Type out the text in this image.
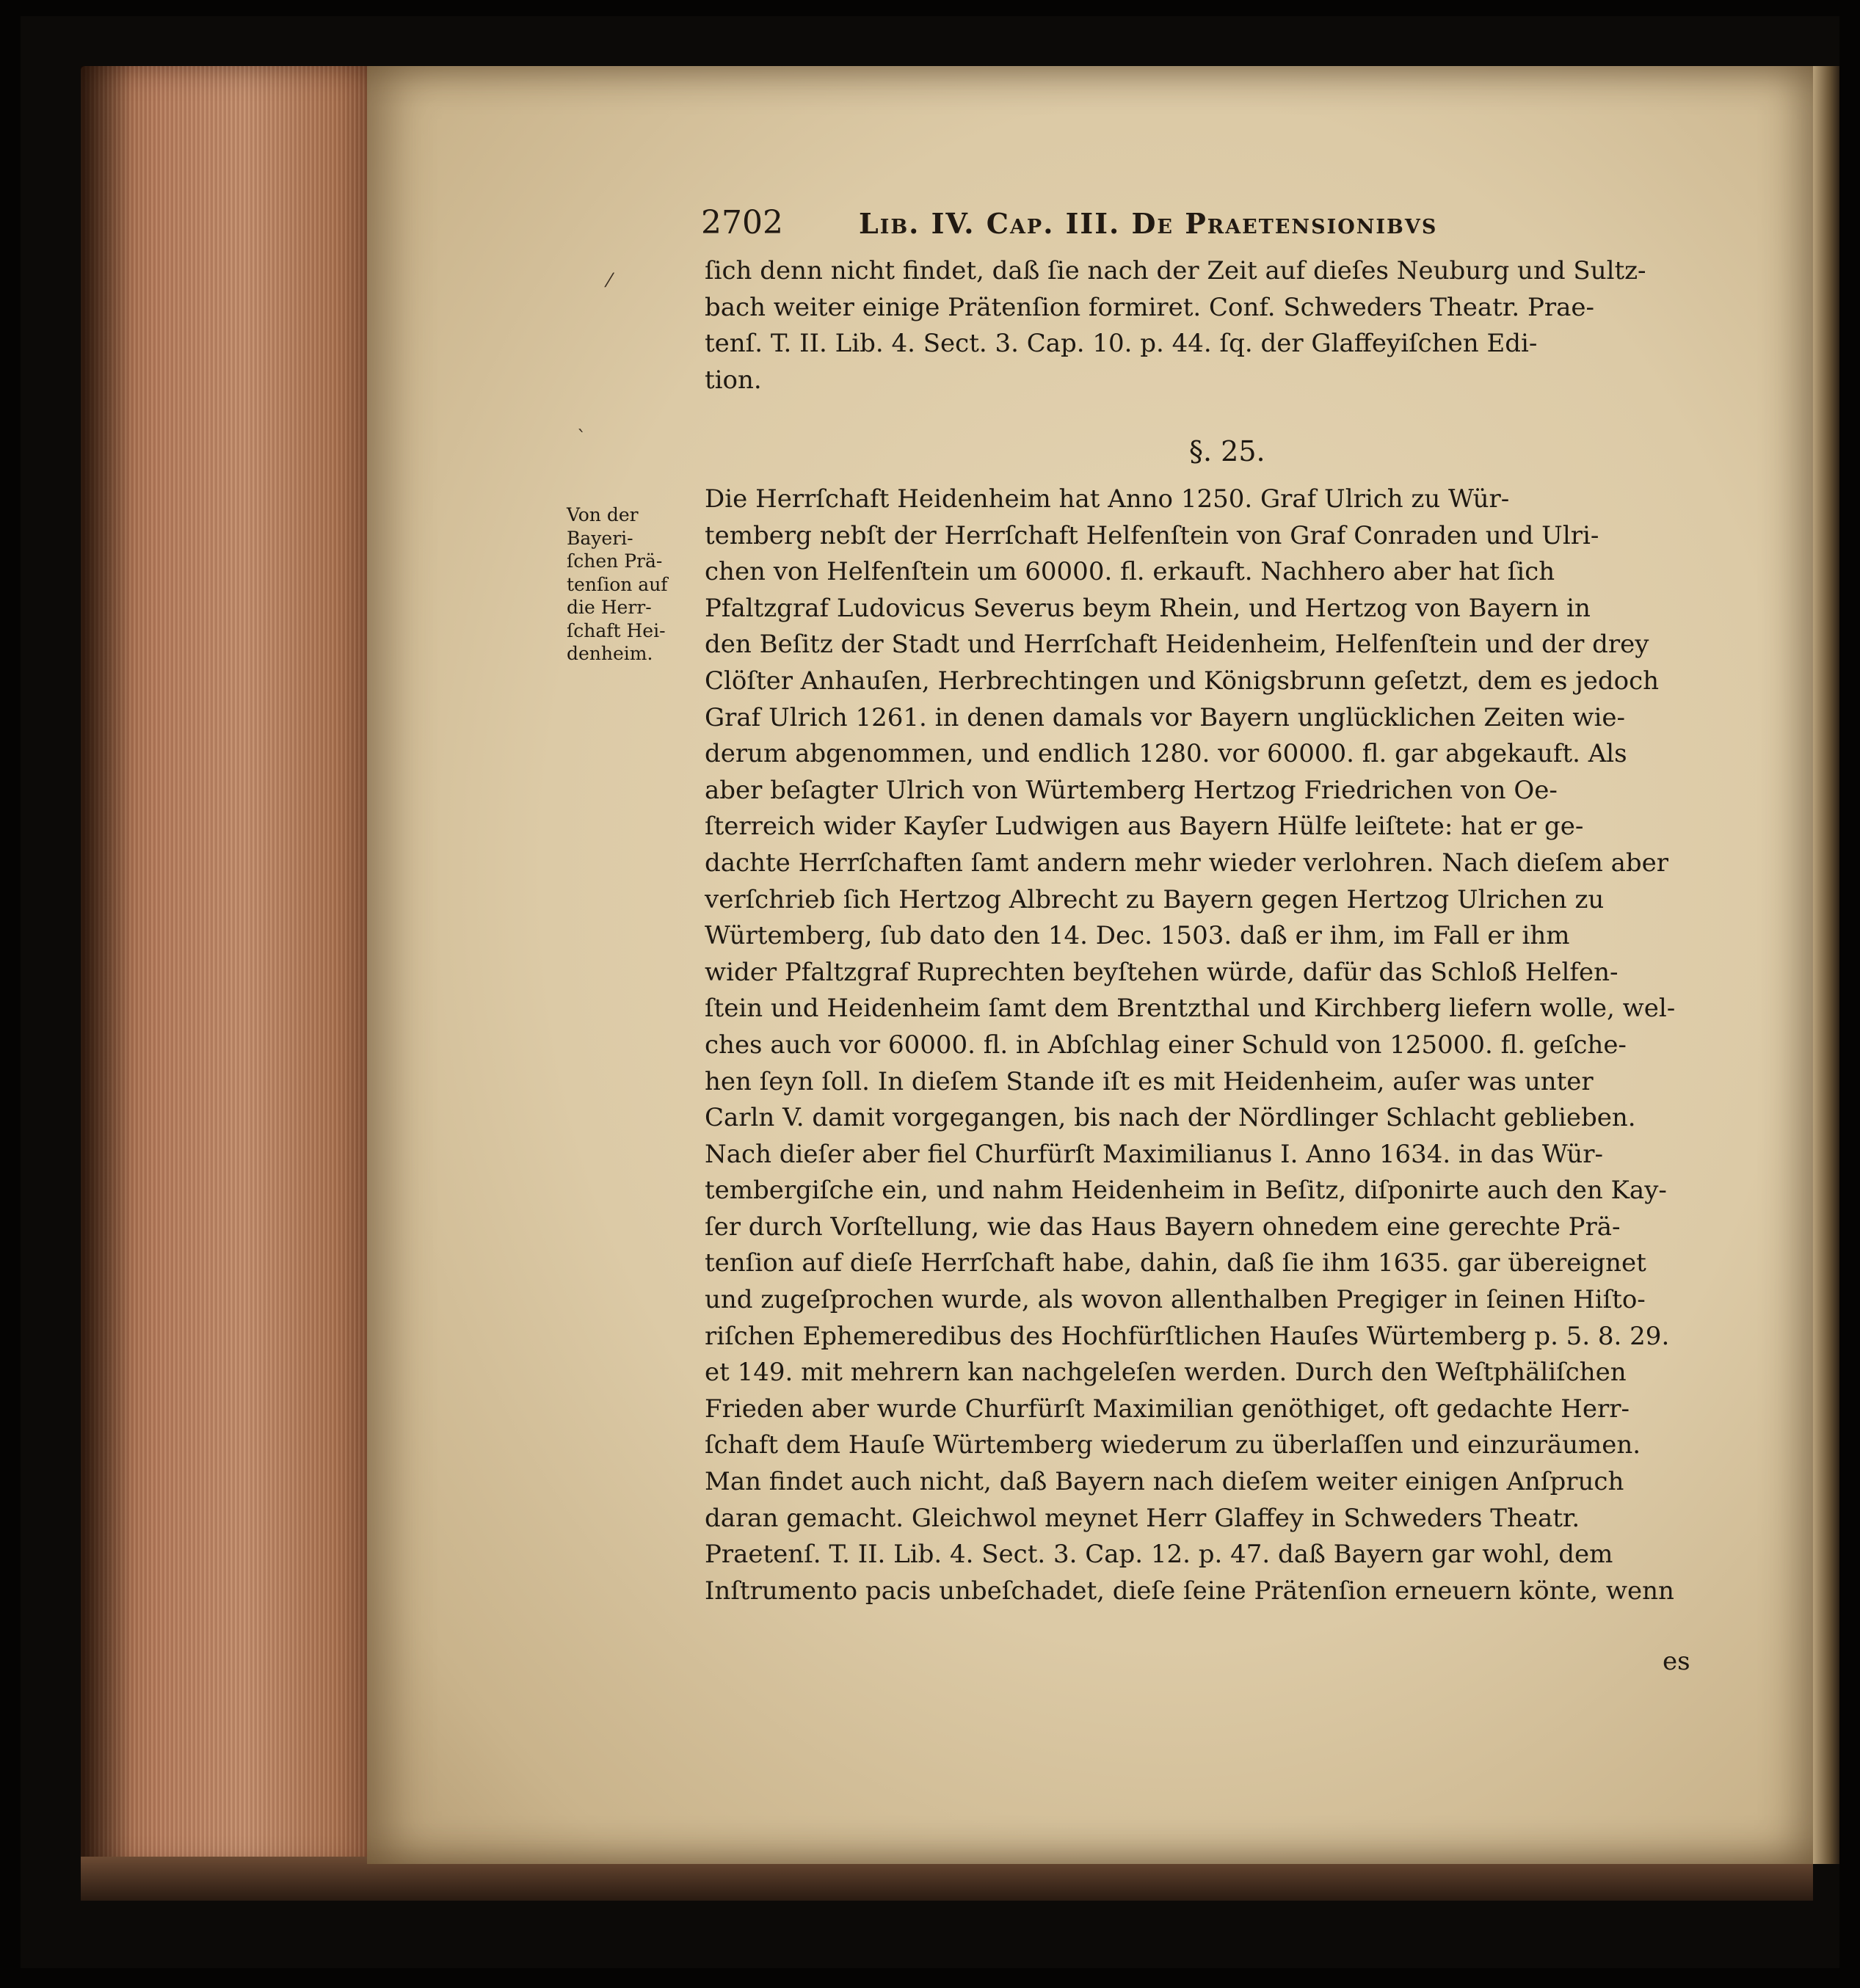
2702	Lib. IV. Cap. III. De Praetensionibvs
⁄
ˋ
ſich denn nicht findet, daß ſie nach der Zeit auf dieſes Neuburg und Sultz-
bach weiter einige Prätenſion formiret. Conf. Schweders Theatr. Prae-
tenſ. T. II. Lib. 4. Sect. 3. Cap. 10. p. 44. ſq. der Glaffeyiſchen Edi-
tion.
§. 25.
Von der
Bayeri-
ſchen Prä-
tenſion auf
die Herr-
ſchaft Hei-
denheim.
Die Herrſchaft Heidenheim hat Anno 1250. Graf Ulrich zu Wür-
temberg nebſt der Herrſchaft Helfenſtein von Graf Conraden und Ulri-
chen von Helfenſtein um 60000. fl. erkauft. Nachhero aber hat ſich
Pfaltzgraf Ludovicus Severus beym Rhein, und Hertzog von Bayern in
den Beſitz der Stadt und Herrſchaft Heidenheim, Helfenſtein und der drey
Clöſter Anhauſen, Herbrechtingen und Königsbrunn geſetzt, dem es jedoch
Graf Ulrich 1261. in denen damals vor Bayern unglücklichen Zeiten wie-
derum abgenommen, und endlich 1280. vor 60000. fl. gar abgekauft. Als
aber beſagter Ulrich von Würtemberg Hertzog Friedrichen von Oe-
ſterreich wider Kayſer Ludwigen aus Bayern Hülfe leiſtete: hat er ge-
dachte Herrſchaften ſamt andern mehr wieder verlohren. Nach dieſem aber
verſchrieb ſich Hertzog Albrecht zu Bayern gegen Hertzog Ulrichen zu
Würtemberg, ſub dato den 14. Dec. 1503. daß er ihm, im Fall er ihm
wider Pfaltzgraf Ruprechten beyſtehen würde, dafür das Schloß Helfen-
ſtein und Heidenheim ſamt dem Brentzthal und Kirchberg liefern wolle, wel-
ches auch vor 60000. fl. in Abſchlag einer Schuld von 125000. fl. geſche-
hen ſeyn ſoll. In dieſem Stande iſt es mit Heidenheim, auſer was unter
Carln V. damit vorgegangen, bis nach der Nördlinger Schlacht geblieben.
Nach dieſer aber fiel Churfürſt Maximilianus I. Anno 1634. in das Wür-
tembergiſche ein, und nahm Heidenheim in Beſitz, diſponirte auch den Kay-
ſer durch Vorſtellung, wie das Haus Bayern ohnedem eine gerechte Prä-
tenſion auf dieſe Herrſchaft habe, dahin, daß ſie ihm 1635. gar übereignet
und zugeſprochen wurde, als wovon allenthalben Pregiger in ſeinen Hiſto-
riſchen Ephemeredibus des Hochfürſtlichen Hauſes Würtemberg p. 5. 8. 29.
et 149. mit mehrern kan nachgeleſen werden. Durch den Weſtphäliſchen
Frieden aber wurde Churfürſt Maximilian genöthiget, oft gedachte Herr-
ſchaft dem Hauſe Würtemberg wiederum zu überlaſſen und einzuräumen.
Man findet auch nicht, daß Bayern nach dieſem weiter einigen Anſpruch
daran gemacht. Gleichwol meynet Herr Glaffey in Schweders Theatr.
Praetenſ. T. II. Lib. 4. Sect. 3. Cap. 12. p. 47. daß Bayern gar wohl, dem
Inſtrumento pacis unbeſchadet, dieſe ſeine Prätenſion erneuern könte, wenn
es
